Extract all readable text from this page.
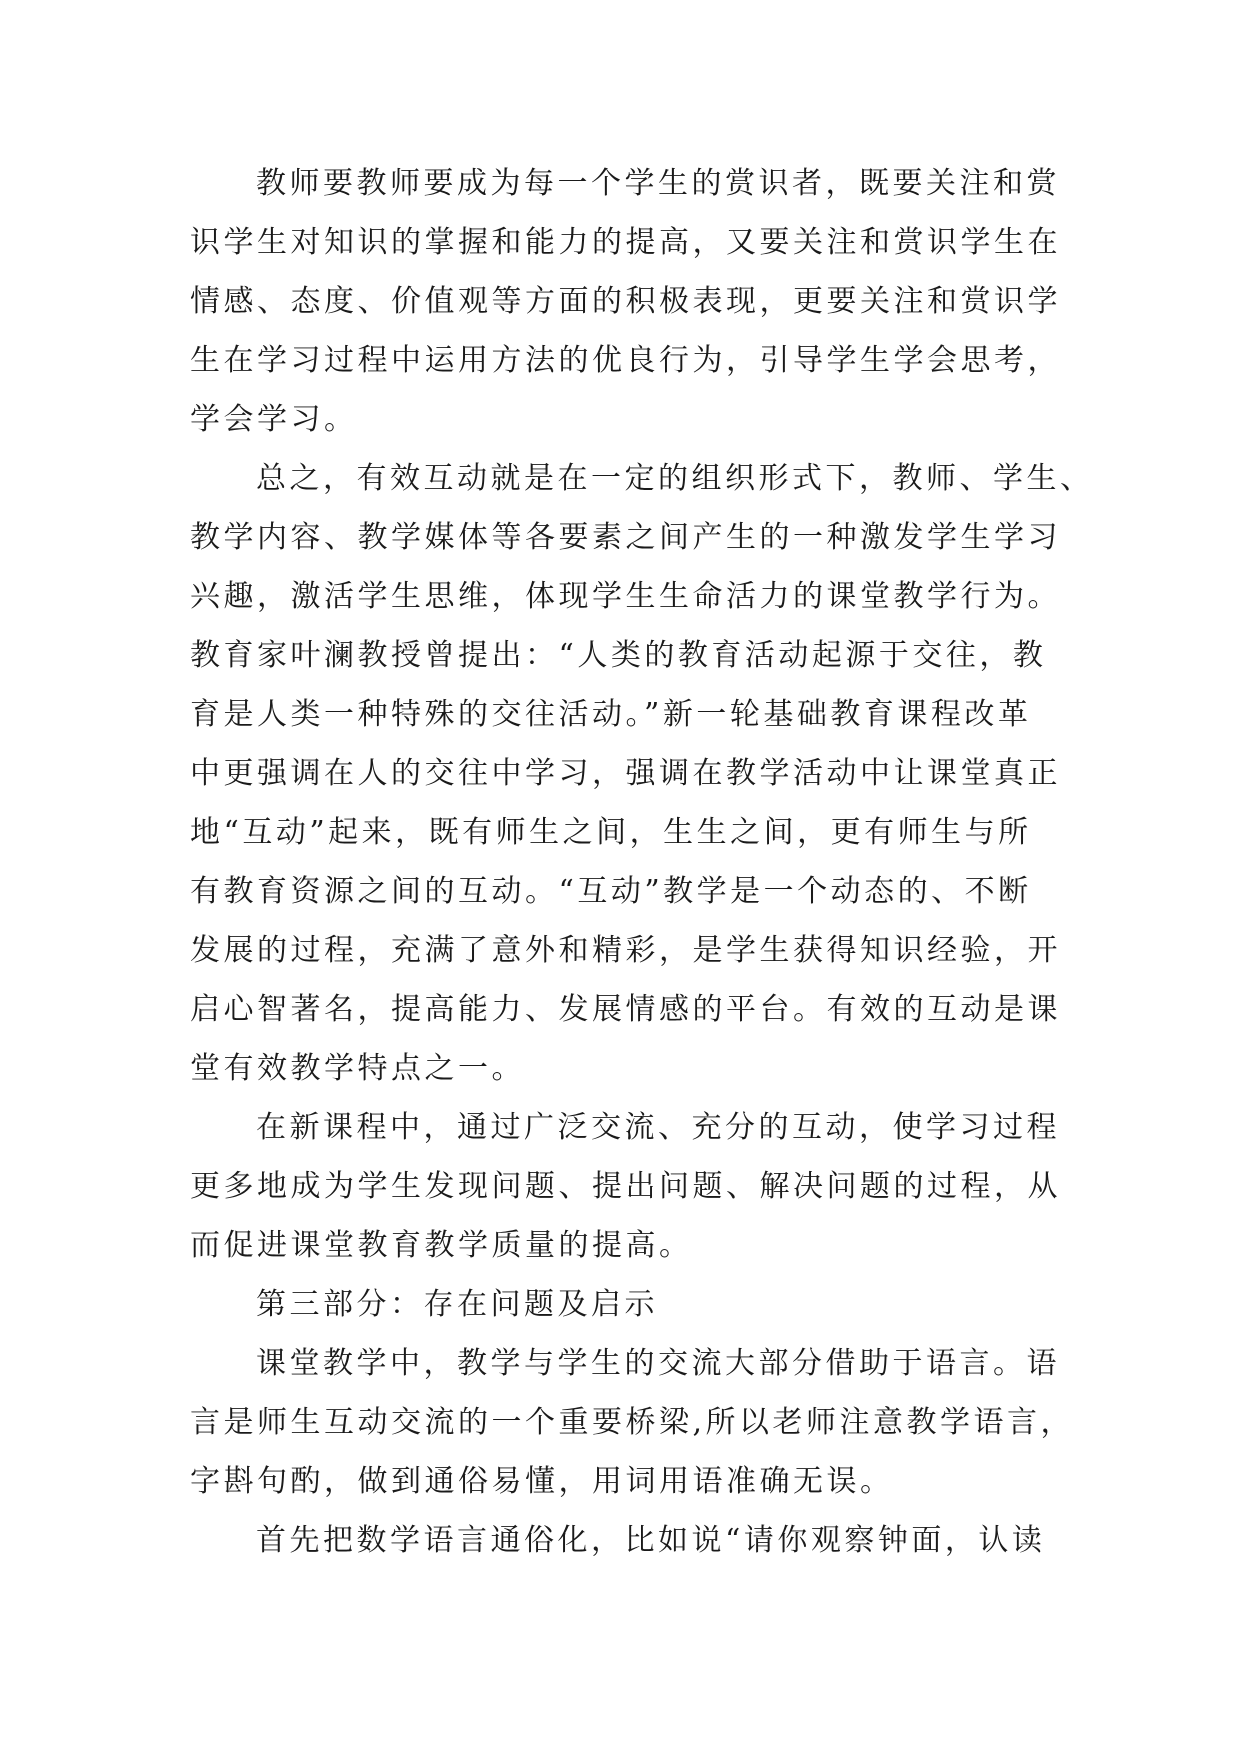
教师要教师要成为每一个学生的赏识者，既要关注和赏
识学生对知识的掌握和能力的提高，又要关注和赏识学生在
情感、态度、价值观等方面的积极表现，更要关注和赏识学
生在学习过程中运用方法的优良行为，引导学生学会思考，
学会学习。
总之，有效互动就是在一定的组织形式下，教师、学生、
教学内容、教学媒体等各要素之间产生的一种激发学生学习
兴趣，激活学生思维，体现学生生命活力的课堂教学行为。
教育家叶澜教授曾提出：“人类的教育活动起源于交往，教
育是人类一种特殊的交往活动。”新一轮基础教育课程改革
中更强调在人的交往中学习，强调在教学活动中让课堂真正
地“互动”起来，既有师生之间，生生之间，更有师生与所
有教育资源之间的互动。“互动”教学是一个动态的、不断
发展的过程，充满了意外和精彩，是学生获得知识经验，开
启心智著名，提高能力、发展情感的平台。有效的互动是课
堂有效教学特点之一。
在新课程中，通过广泛交流、充分的互动，使学习过程
更多地成为学生发现问题、提出问题、解决问题的过程，从
而促进课堂教育教学质量的提高。
第三部分：存在问题及启示
课堂教学中，教学与学生的交流大部分借助于语言。语
言是师生互动交流的一个重要桥梁,所以老师注意教学语言，
字斟句酌，做到通俗易懂，用词用语准确无误。
首先把数学语言通俗化，比如说“请你观察钟面，认读
